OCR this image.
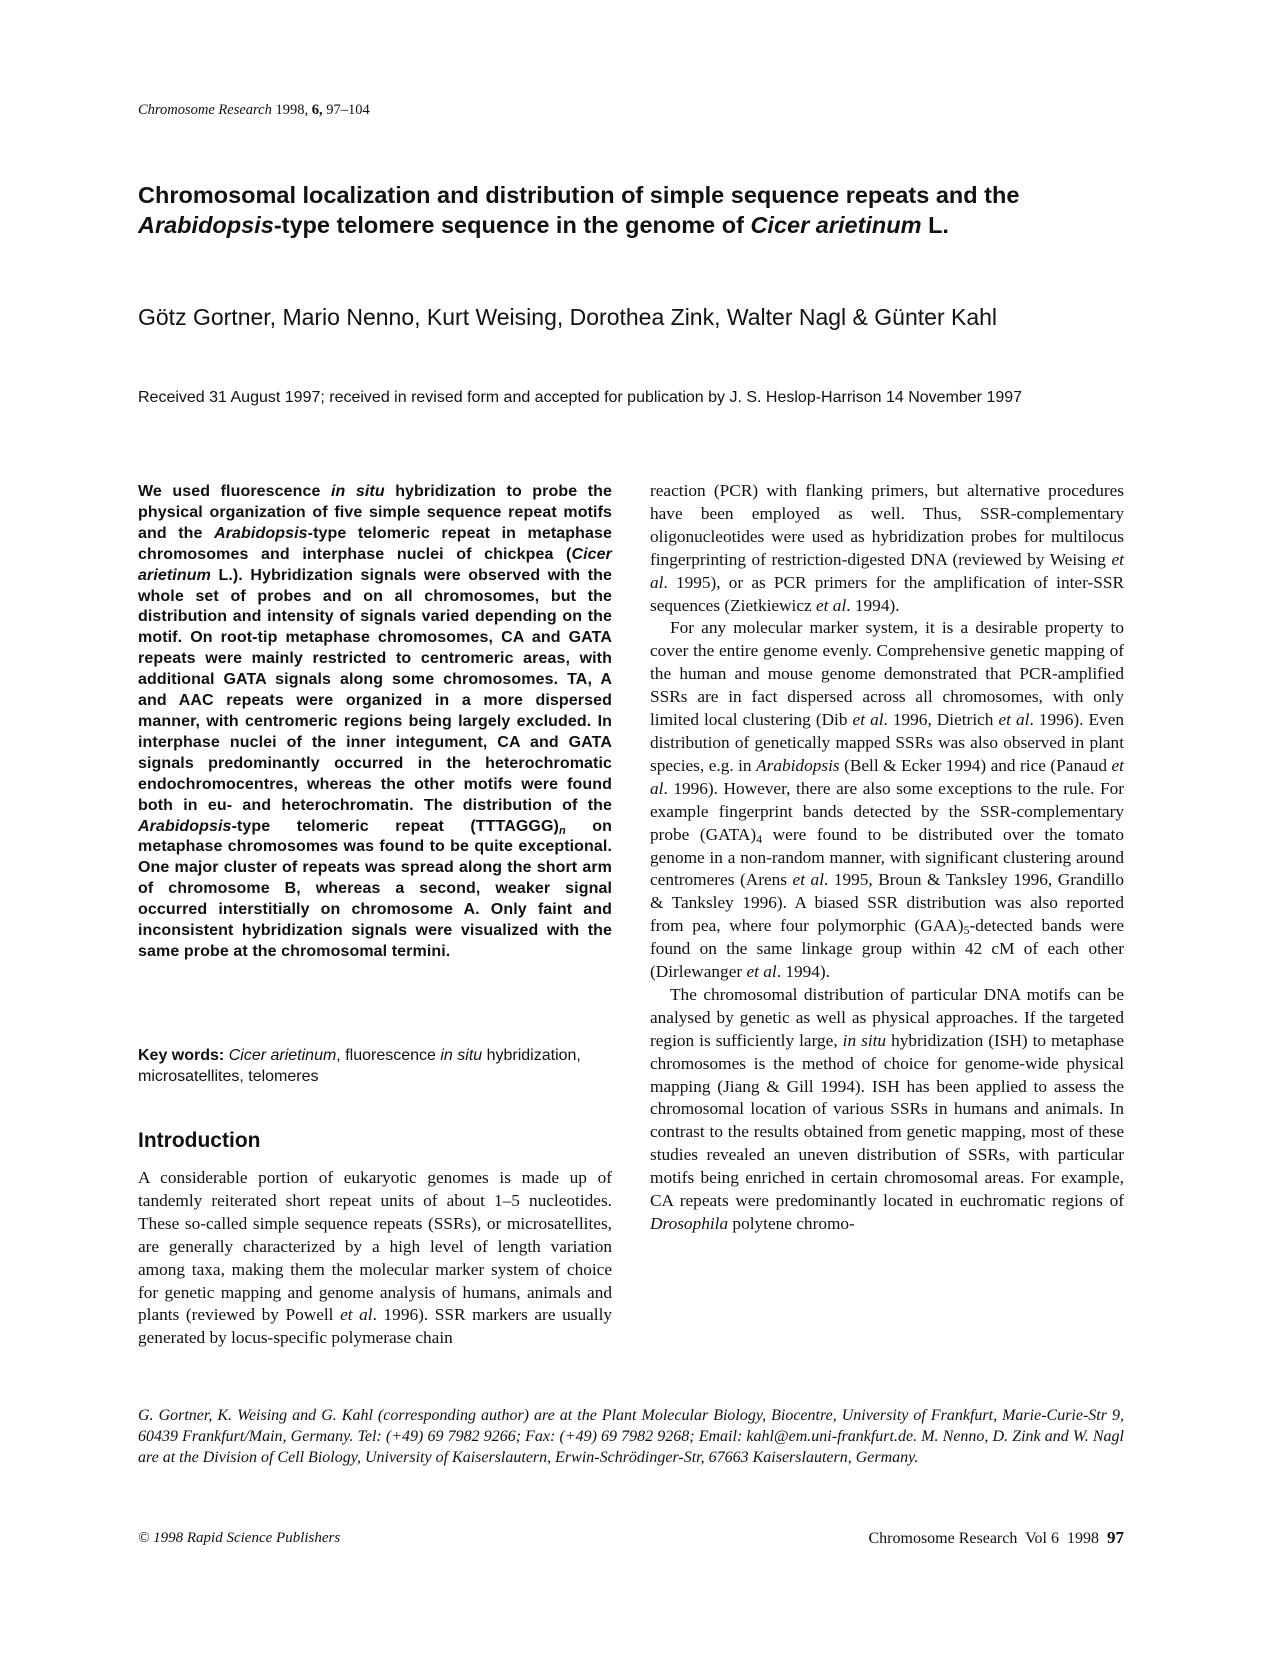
Chromosome Research 1998, 6, 97–104
Chromosomal localization and distribution of simple sequence repeats and the Arabidopsis-type telomere sequence in the genome of Cicer arietinum L.
Götz Gortner, Mario Nenno, Kurt Weising, Dorothea Zink, Walter Nagl & Günter Kahl
Received 31 August 1997; received in revised form and accepted for publication by J. S. Heslop-Harrison 14 November 1997
We used fluorescence in situ hybridization to probe the physical organization of five simple sequence repeat motifs and the Arabidopsis-type telomeric repeat in metaphase chromosomes and interphase nuclei of chickpea (Cicer arietinum L.). Hybridization signals were observed with the whole set of probes and on all chromosomes, but the distribution and intensity of signals varied depending on the motif. On root-tip metaphase chromosomes, CA and GATA repeats were mainly restricted to centromeric areas, with additional GATA signals along some chromosomes. TA, A and AAC repeats were organized in a more dispersed manner, with centromeric regions being largely excluded. In interphase nuclei of the inner integument, CA and GATA signals predominantly occurred in the heterochromatic endochromocentres, whereas the other motifs were found both in eu- and heterochromatin. The distribution of the Arabidopsis-type telomeric repeat $(TTTAGGG)_n$ on metaphase chromosomes was found to be quite exceptional. One major cluster of repeats was spread along the short arm of chromosome B, whereas a second, weaker signal occurred interstitially on chromosome A. Only faint and inconsistent hybridization signals were visualized with the same probe at the chromosomal termini.
Key words: Cicer arietinum, fluorescence in situ hybridization, microsatellites, telomeres
Introduction

A considerable portion of eukaryotic genomes is made up of tandemly reiterated short repeat units of about 1–5 nucleotides. These so-called simple sequence repeats (SSRs), or microsatellites, are generally characterized by a high level of length variation among taxa, making them the molecular marker system of choice for genetic mapping and genome analysis of humans, animals and plants (reviewed by Powell et al. 1996). SSR markers are usually generated by locus-specific polymerase chain

reaction (PCR) with flanking primers, but alternative procedures have been employed as well. Thus, SSR-complementary oligonucleotides were used as hybridization probes for multilocus fingerprinting of restriction-digested DNA (reviewed by Weising et al. 1995), or as PCR primers for the amplification of inter-SSR sequences (Zietkiewicz et al. 1994).

For any molecular marker system, it is a desirable property to cover the entire genome evenly. Comprehensive genetic mapping of the human and mouse genome demonstrated that PCR-amplified SSRs are in fact dispersed across all chromosomes, with only limited local clustering (Dib et al. 1996, Dietrich et al. 1996). Even distribution of genetically mapped SSRs was also observed in plant species, e.g. in Arabidopsis (Bell & Ecker 1994) and rice (Panaud et al. 1996). However, there are also some exceptions to the rule. For example fingerprint bands detected by the SSR-complementary probe $(GATA)_4$ were found to be distributed over the tomato genome in a non-random manner, with significant clustering around centromeres (Arens et al. 1995, Broun & Tanksley 1996, Grandillo & Tanksley 1996). A biased SSR distribution was also reported from pea, where four polymorphic $(GAA)_5$-detected bands were found on the same linkage group within 42 cM of each other (Dirlewanger et al. 1994).

The chromosomal distribution of particular DNA motifs can be analysed by genetic as well as physical approaches. If the targeted region is sufficiently large, in situ hybridization (ISH) to metaphase chromosomes is the method of choice for genome-wide physical mapping (Jiang & Gill 1994). ISH has been applied to assess the chromosomal location of various SSRs in humans and animals. In contrast to the results obtained from genetic mapping, most of these studies revealed an uneven distribution of SSRs, with particular motifs being enriched in certain chromosomal areas. For example, CA repeats were predominantly located in euchromatic regions of Drosophila polytene chromo-

G. Gortner, K. Weising and G. Kahl (corresponding author) are at the Plant Molecular Biology, Biocentre, University of Frankfurt, Marie-Curie-Str 9, 60439 Frankfurt/Main, Germany. Tel: (+49) 69 7982 9266; Fax: (+49) 69 7982 9268; Email: kahl@em.uni-frankfurt.de. M. Nenno, D. Zink and W. Nagl are at the Division of Cell Biology, University of Kaiserslautern, Erwin-Schrödinger-Str, 67663 Kaiserslautern, Germany.
© 1998 Rapid Science Publishers	Chromosome Research  Vol 6  1998 97
